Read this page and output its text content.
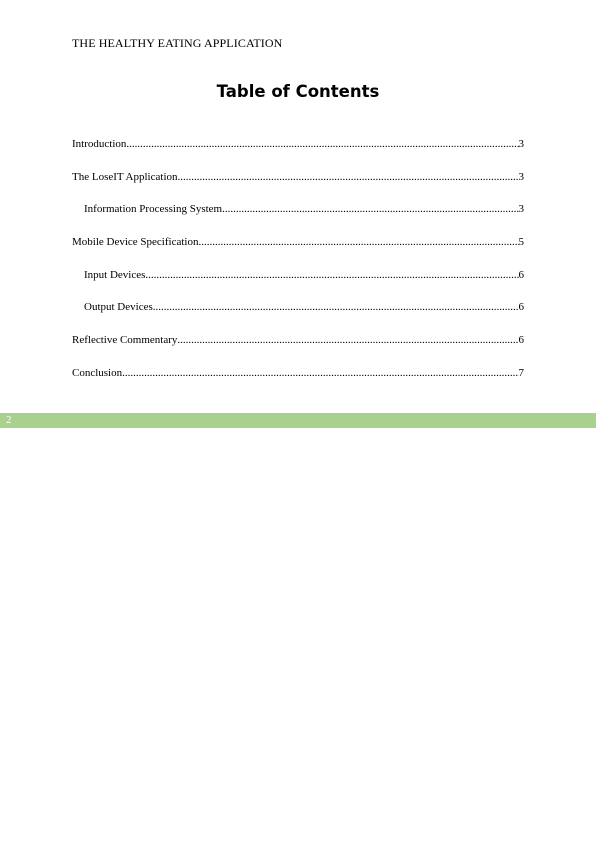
THE HEALTHY EATING APPLICATION
Table of Contents
Introduction .....	3
The LoseIT Application .....	3
Information Processing System .....	3
Mobile Device Specification .....	5
Input Devices .....	6
Output Devices .....	6
Reflective Commentary .....	6
Conclusion .....	7
2
